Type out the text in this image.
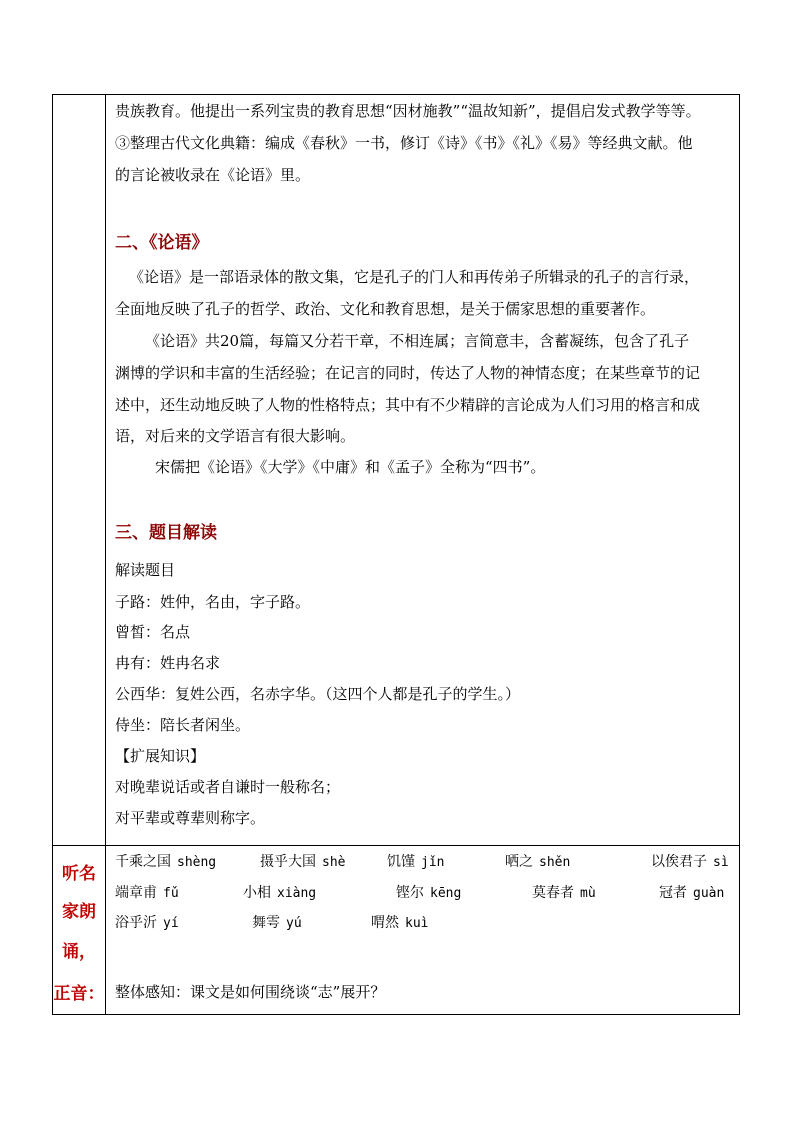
贵族教育。他提出一系列宝贵的教育思想“因材施教”“温故知新”，提倡启发式教学等等。
③整理古代文化典籍：编成《春秋》一书，修订《诗》《书》《礼》《易》等经典文献。他
的言论被收录在《论语》里。
二、《论语》
《论语》是一部语录体的散文集，它是孔子的门人和再传弟子所辑录的孔子的言行录，
全面地反映了孔子的哲学、政治、文化和教育思想，是关于儒家思想的重要著作。
《论语》共20篇，每篇又分若干章，不相连属；言简意丰，含蓄凝练，包含了孔子
渊博的学识和丰富的生活经验；在记言的同时，传达了人物的神情态度；在某些章节的记
述中，还生动地反映了人物的性格特点；其中有不少精辟的言论成为人们习用的格言和成
语，对后来的文学语言有很大影响。
宋儒把《论语》《大学》《中庸》和《孟子》全称为“四书”。
三、题目解读
解读题目
子路：姓仲，名由，字子路。
曾皙：名点
冉有：姓冉名求
公西华：复姓公西，名赤字华。（这四个人都是孔子的学生。）
侍坐：陪长者闲坐。
【扩展知识】
对晚辈说话或者自谦时一般称名；
对平辈或尊辈则称字。
千乘之国 shèng	摄乎大国 shè	饥馑 jǐn	哂之 shěn	以俟君子 sì
端章甫 fǔ	小相 xiàng	铿尔 kēng	莫春者 mù	冠者 guàn
浴乎沂 yí	舞雩 yú	喟然 kuì
整体感知：课文是如何围绕谈“志”展开？
听名
家朗
诵，
正音：
